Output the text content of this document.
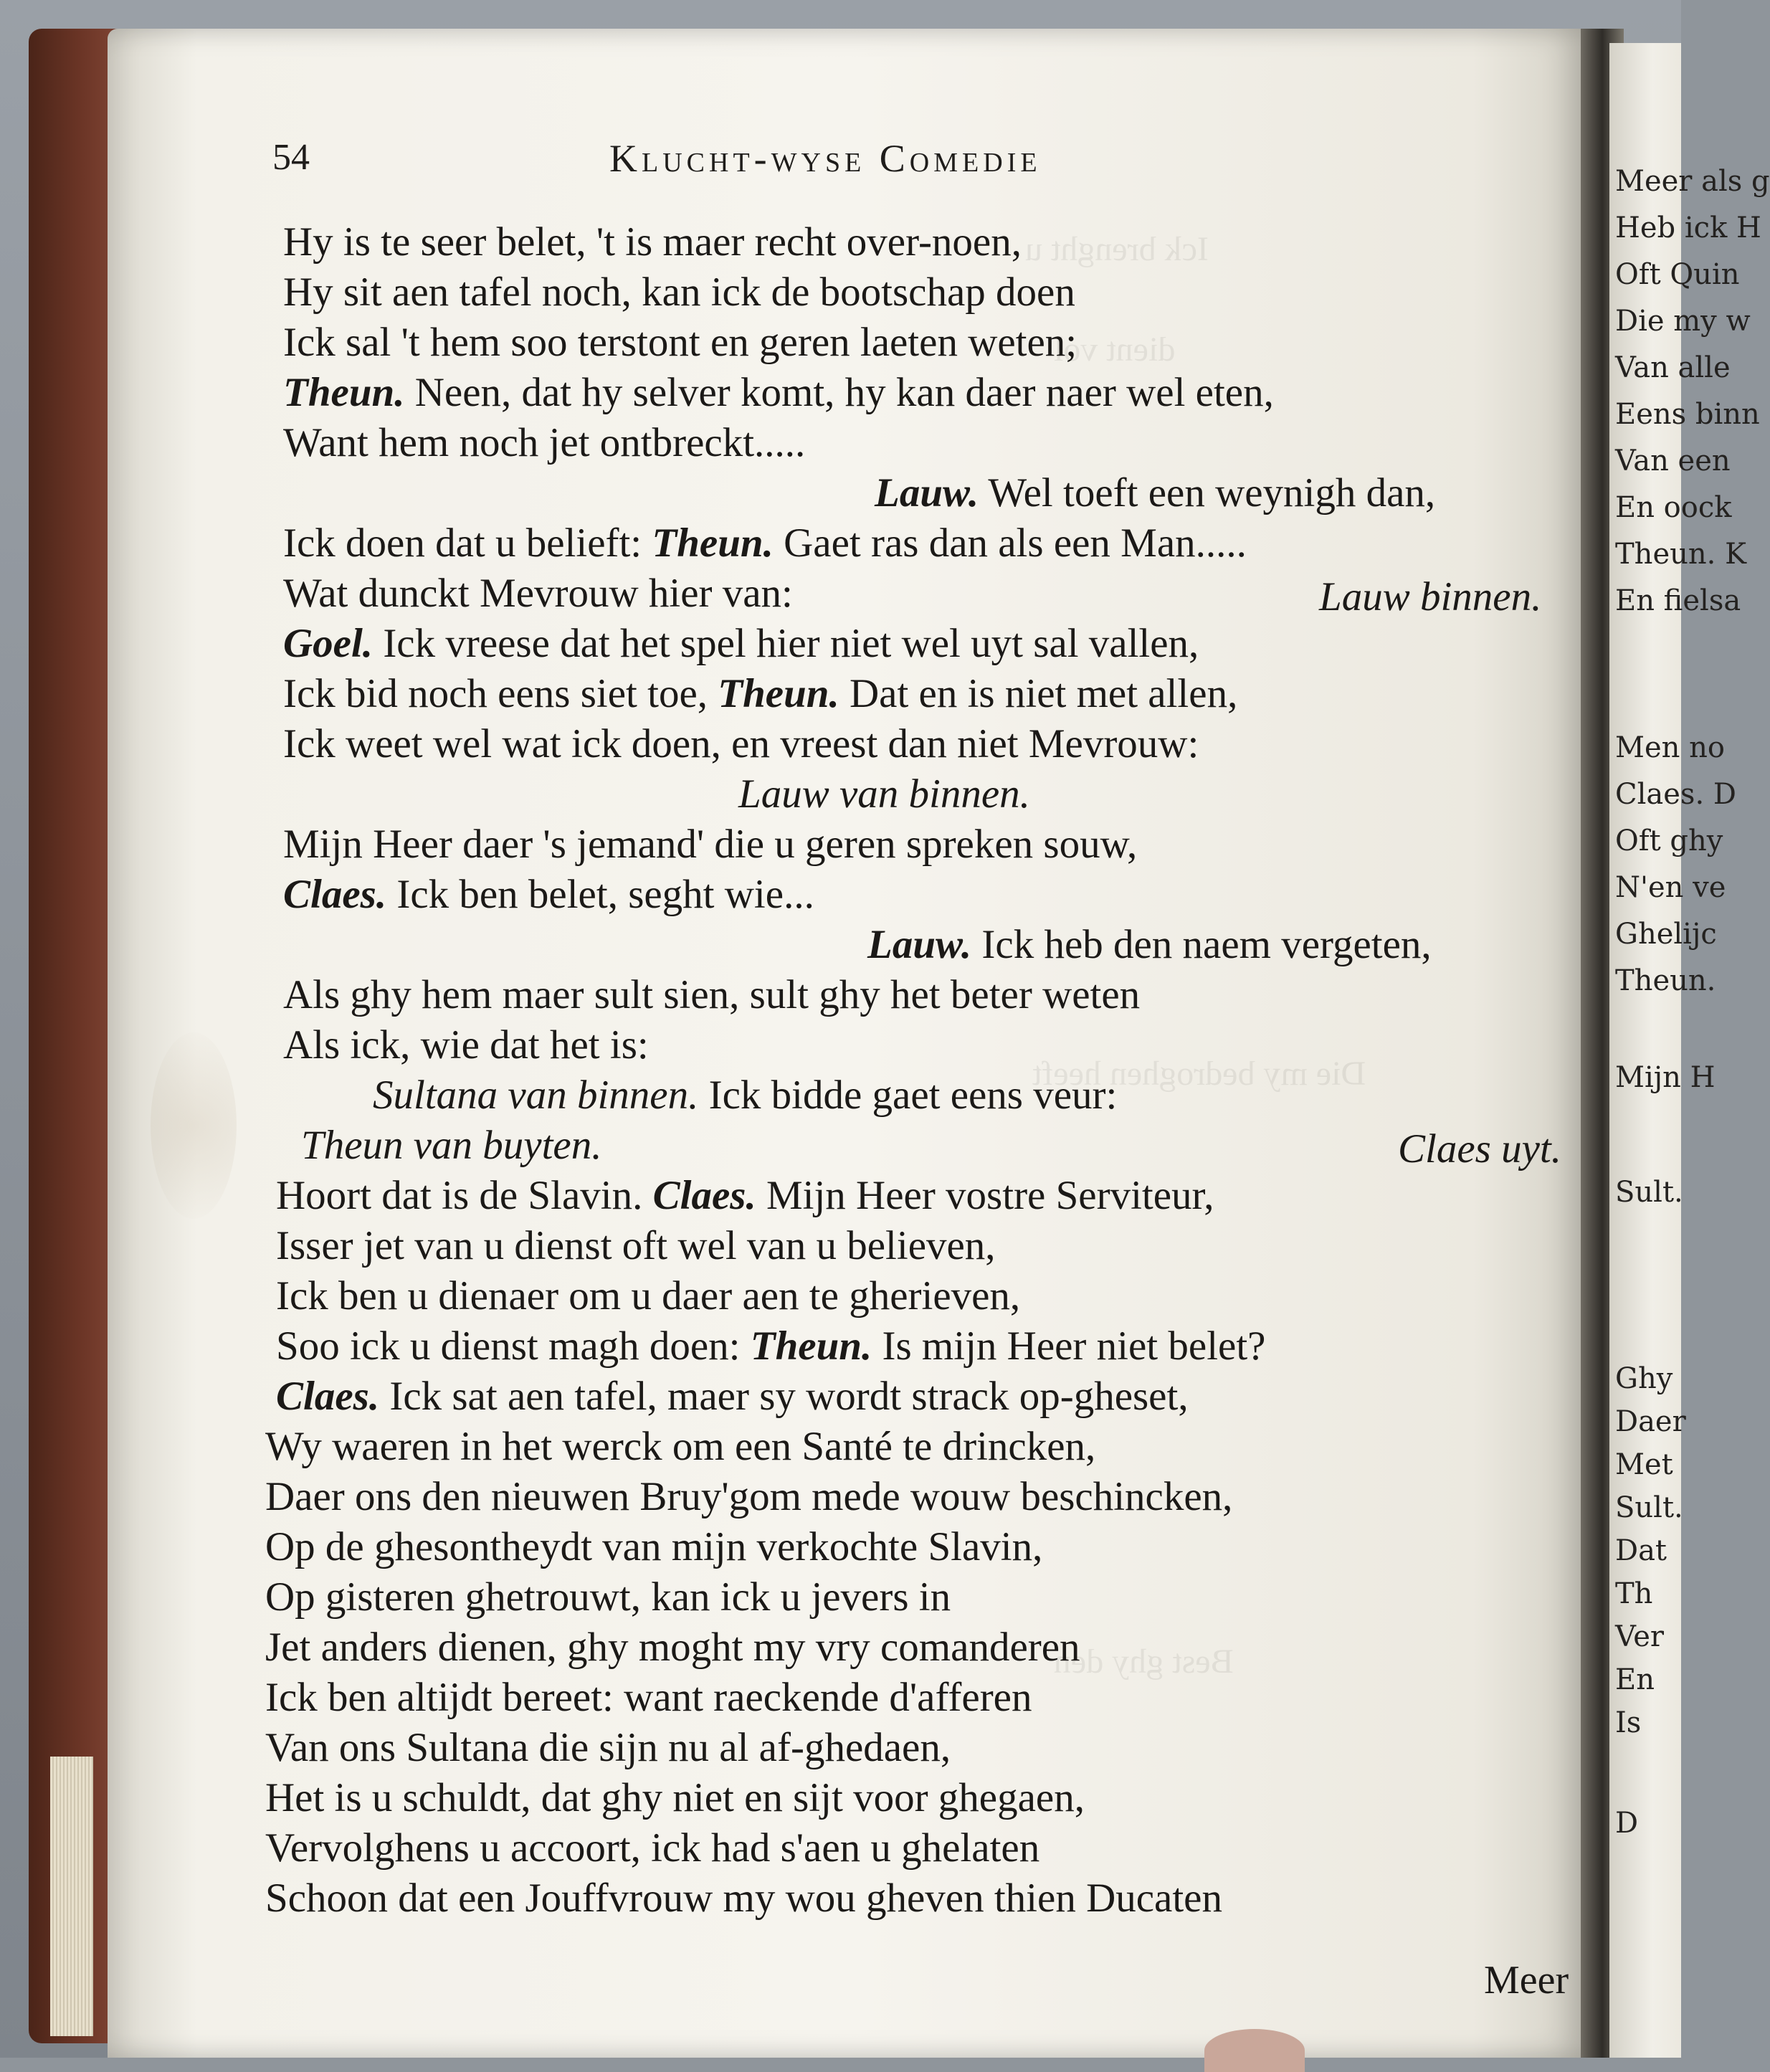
Ick brenght u
dient vol
Die my bedroghen heeft
Best ghy den
54	Klucht-wyse Comedie
Hy is te seer belet, 't is maer recht over-noen,
Hy sit aen tafel noch, kan ick de bootschap doen
Ick sal 't hem soo terstont en geren laeten weten;
Theun. Neen, dat hy selver komt, hy kan daer naer wel eten,
Want hem noch jet ontbreckt.....
Lauw. Wel toeft een weynigh dan,
Ick doen dat u belieft: Theun. Gaet ras dan als een Man.....
Wat dunckt Mevrouw hier van:	Lauw binnen.
Goel. Ick vreese dat het spel hier niet wel uyt sal vallen,
Ick bid noch eens siet toe, Theun. Dat en is niet met allen,
Ick weet wel wat ick doen, en vreest dan niet Mevrouw:
Lauw van binnen.
Mijn Heer daer 's jemand' die u geren spreken souw,
Claes. Ick ben belet, seght wie...
Lauw. Ick heb den naem vergeten,
Als ghy hem maer sult sien, sult ghy het beter weten
Als ick, wie dat het is:
Sultana van binnen. Ick bidde gaet eens veur:
Theun van buyten.	Claes uyt.
Hoort dat is de Slavin. Claes. Mijn Heer vostre Serviteur,
Isser jet van u dienst oft wel van u believen,
Ick ben u dienaer om u daer aen te gherieven,
Soo ick u dienst magh doen: Theun. Is mijn Heer niet belet?
Claes. Ick sat aen tafel, maer sy wordt strack op-gheset,
Wy waeren in het werck om een Santé te drincken,
Daer ons den nieuwen Bruy'gom mede wouw beschincken,
Op de ghesontheydt van mijn verkochte Slavin,
Op gisteren ghetrouwt, kan ick u jevers in
Jet anders dienen, ghy moght my vry comanderen
Ick ben altijdt bereet: want raeckende d'afferen
Van ons Sultana die sijn nu al af-ghedaen,
Het is u schuldt, dat ghy niet en sijt voor ghegaen,
Vervolghens u accoort, ick had s'aen u ghelaten
Schoon dat een Jouffvrouw my wou gheven thien Ducaten
Meer
Meer als g
Heb ick H
Oft Quin
Die my w
Van alle
Eens binn
Van een
En oock
Theun. K
En fielsa
Men no
Claes. D
Oft ghy
N'en ve
Ghelijc
Theun.
Mijn H
Sult.
Ghy
Daer
Met
Sult.
Dat
Th
Ver
En
Is
D
